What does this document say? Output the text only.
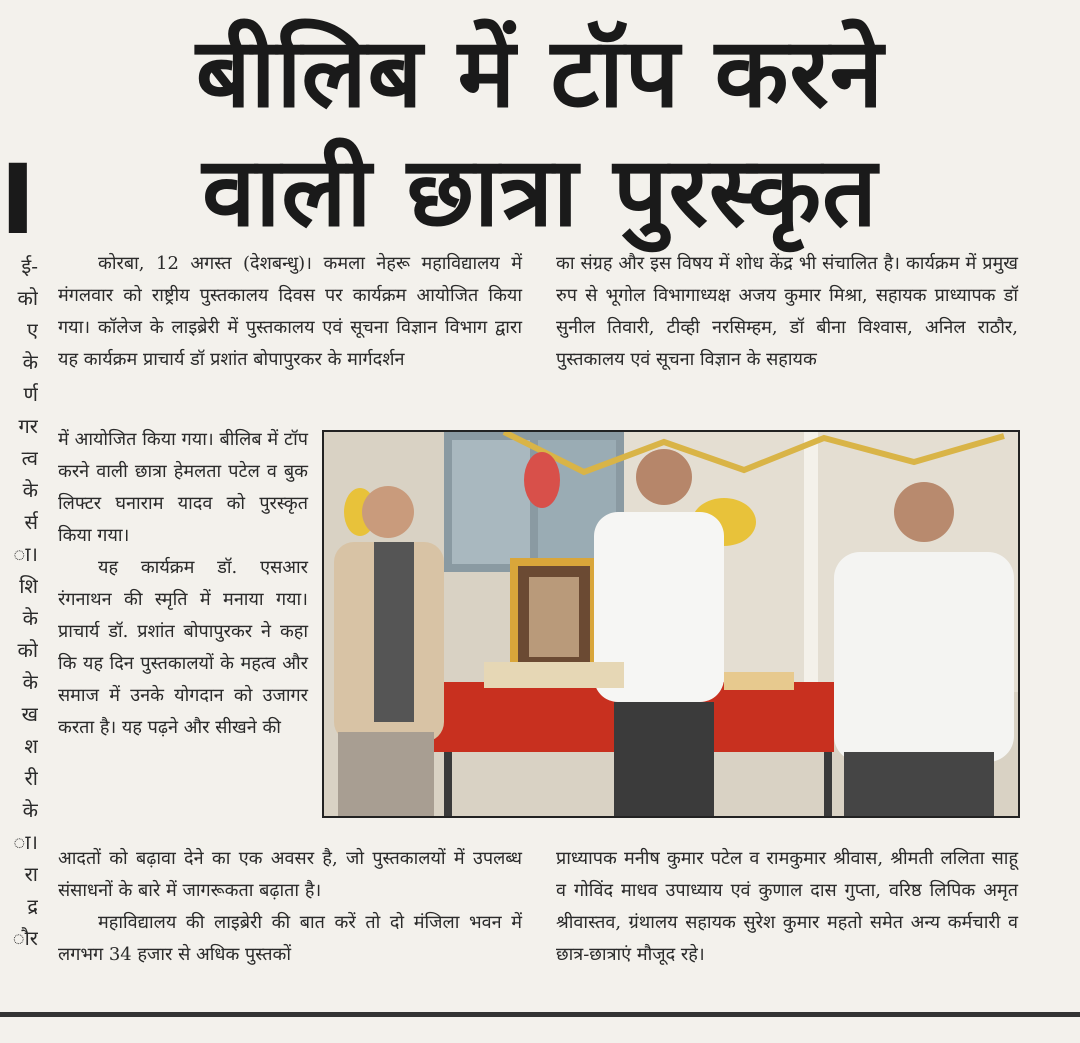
बीलिब में टॉप करने
वाली छात्रा पुरस्कृत
I
ई-
को
ए
के
र्ण
गर
त्व
के
र्स
ा।
शि
के
को
के
ख
श
री
के
ा।
रा
द्र
ौर

कोरबा, 12 अगस्त (देशबन्धु)। कमला नेहरू महाविद्यालय में मंगलवार को राष्ट्रीय पुस्तकालय दिवस पर कार्यक्रम आयोजित किया गया। कॉलेज के लाइब्रेरी में पुस्तकालय एवं सूचना विज्ञान विभाग द्वारा यह कार्यक्रम प्राचार्य डॉ प्रशांत बोपापुरकर के मार्गदर्शन

का संग्रह और इस विषय में शोध केंद्र भी संचालित है। कार्यक्रम में प्रमुख रुप से भूगोल विभागाध्यक्ष अजय कुमार मिश्रा, सहायक प्राध्यापक डॉ सुनील तिवारी, टीव्ही नरसिम्हम, डॉ बीना विश्वास, अनिल राठौर, पुस्तकालय एवं सूचना विज्ञान के सहायक

में आयोजित किया गया। बीलिब में टॉप करने वाली छात्रा हेमलता पटेल व बुक लिफ्टर घनाराम यादव को पुरस्कृत किया गया।

यह कार्यक्रम डॉ. एसआर रंगनाथन की स्मृति में मनाया गया। प्राचार्य डॉ. प्रशांत बोपापुरकर ने कहा कि यह दिन पुस्तकालयों के महत्व और समाज में उनके योगदान को उजागर करता है। यह पढ़ने और सीखने की

आदतों को बढ़ावा देने का एक अवसर है, जो पुस्तकालयों में उपलब्ध संसाधनों के बारे में जागरूकता बढ़ाता है।

महाविद्यालय की लाइब्रेरी की बात करें तो दो मंजिला भवन में लगभग 34 हजार से अधिक पुस्तकों

प्राध्यापक मनीष कुमार पटेल व रामकुमार श्रीवास, श्रीमती ललिता साहू व गोविंद माधव उपाध्याय एवं कुणाल दास गुप्ता, वरिष्ठ लिपिक अमृत श्रीवास्तव, ग्रंथालय सहायक सुरेश कुमार महतो समेत अन्य कर्मचारी व छात्र-छात्राएं मौजूद रहे।
